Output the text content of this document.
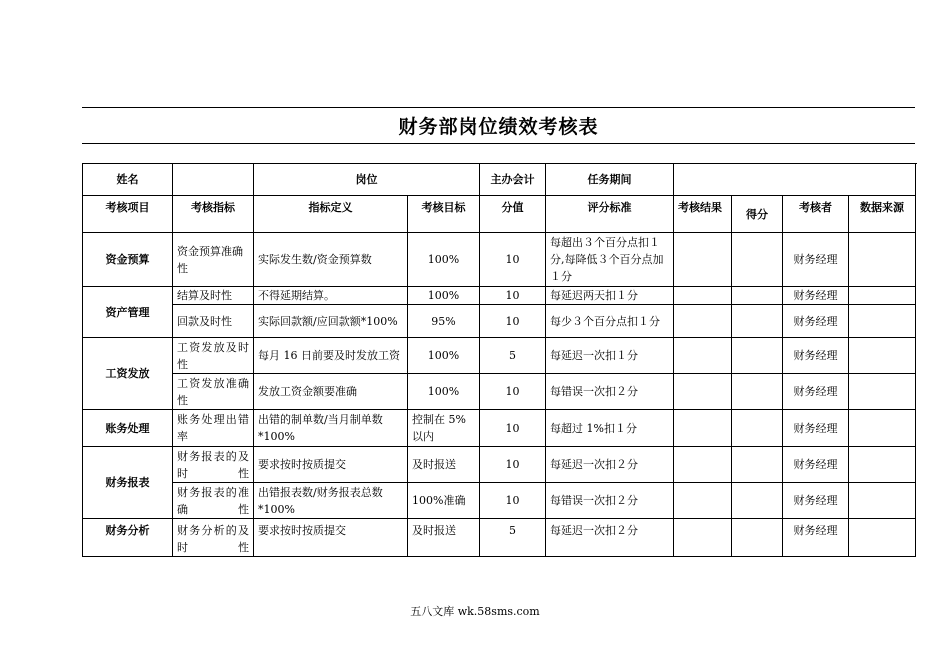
财务部岗位绩效考核表
姓名		岗位		主办会计	任务期间				
考核项目	考核指标	指标定义	考核目标	分值	评分标准	考核结果	得分	考核者	数据来源
资金预算	资金预算准确性	实际发生数/资金预算数	100%	10	每超出３个百分点扣１分,每降低３个百分点加１分			财务经理	
资产管理	结算及时性	不得延期结算。	100%	10	每延迟两天扣１分			财务经理	
	回款及时性	实际回款额/应回款额*100%	95%	10	每少３个百分点扣１分			财务经理	
工资发放	工资发放及时性	每月 16 日前要及时发放工资	100%	5	每延迟一次扣１分			财务经理	
	工资发放准确性	发放工资金额要准确	100%	10	每错误一次扣２分			财务经理	
账务处理	账务处理出错率	出错的制单数/当月制单数*100%	控制在 5%以内	10	每超过 1%扣１分			财务经理	
财务报表	财务报表的及时性	要求按时按质提交	及时报送	10	每延迟一次扣２分			财务经理	
	财务报表的准确性	出错报表数/财务报表总数*100%	100%准确	10	每错误一次扣２分			财务经理	
财务分析	财务分析的及时性	要求按时按质提交	及时报送	5	每延迟一次扣２分			财务经理	
五八文库 wk.58sms.com
